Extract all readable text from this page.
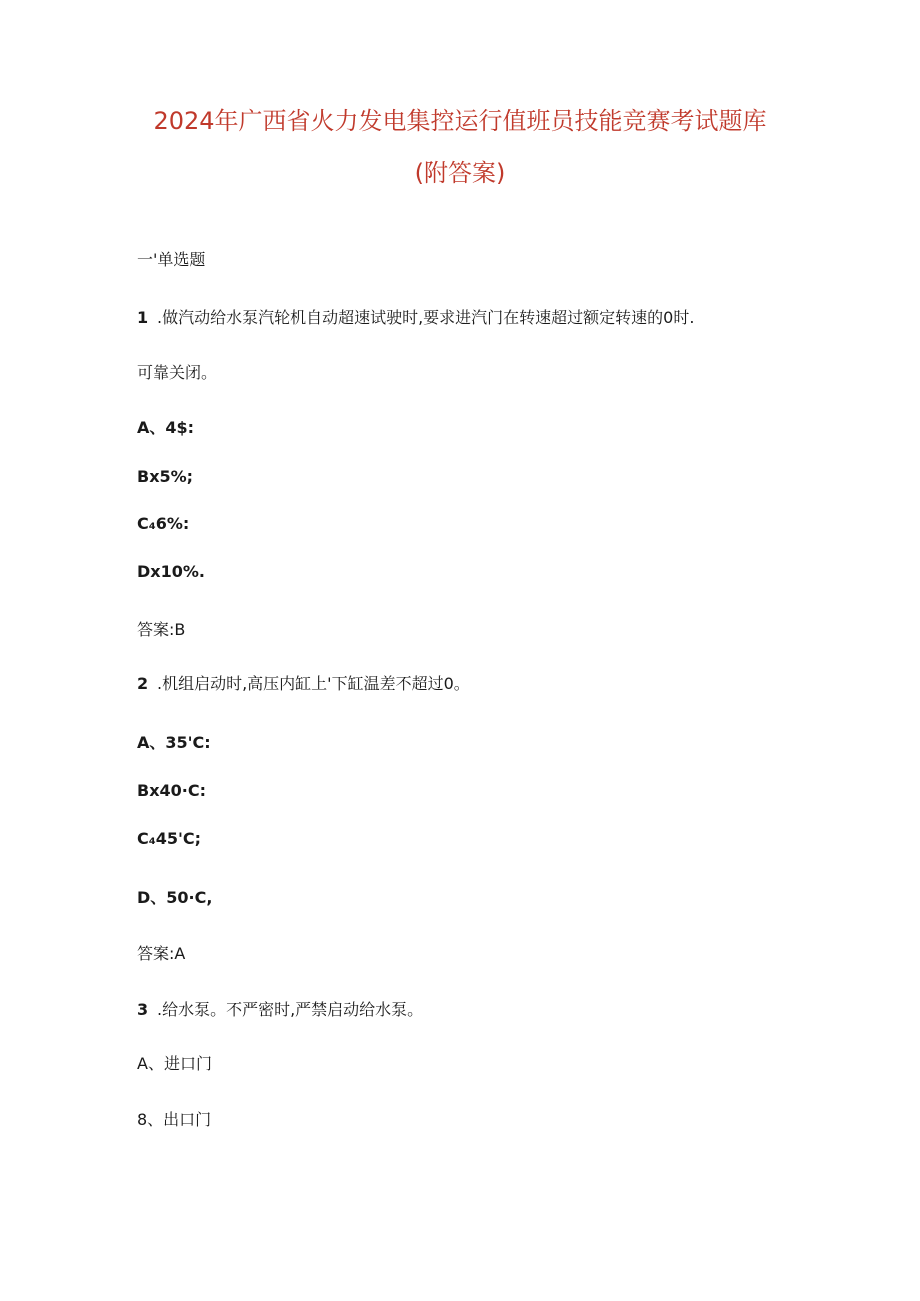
2024年广西省火力发电集控运行值班员技能竞赛考试题库
(附答案)

一'单选题

1 .做汽动给水泵汽轮机自动超速试驶时,要求进汽门在转速超过额定转速的0时.

可靠关闭。

A、4$:

Bx5%;

C₄6%:

Dx10%.

答案:B

2 .机组启动时,高压内缸上'下缸温差不超过0。

A、35'C:

Bx40·C:

C₄45'C;

D、50·C,

答案:A

3 .给水泵。不严密时,严禁启动给水泵。

A、进口门

8、出口门
